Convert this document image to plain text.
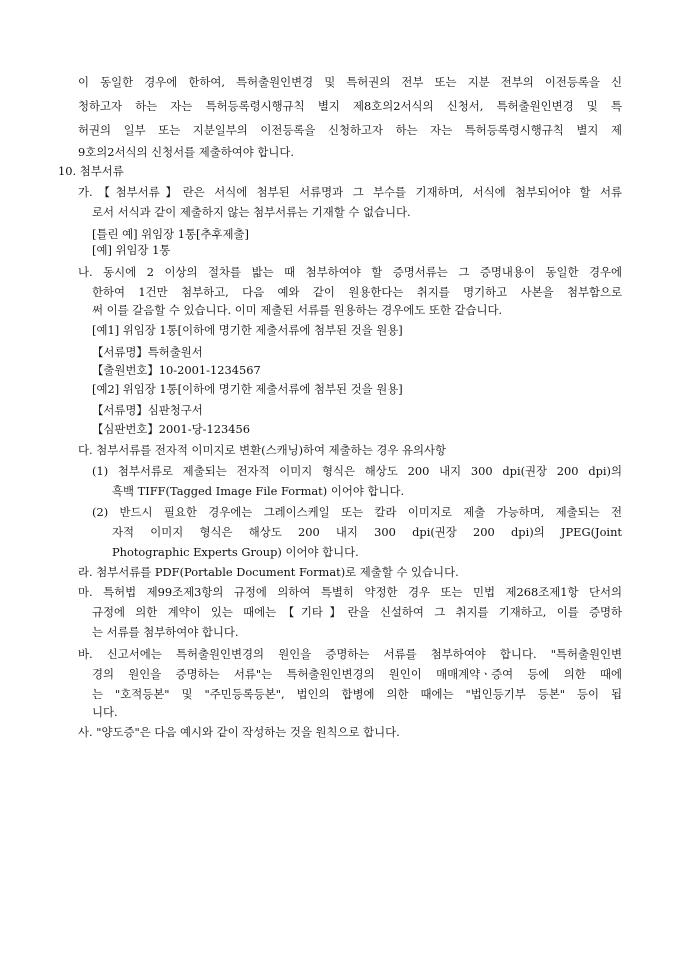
이 동일한 경우에 한하여, 특허출원인변경 및 특허권의 전부 또는 지분 전부의 이전등록을 신
청하고자 하는 자는 특허등록령시행규칙 별지 제8호의2서식의 신청서, 특허출원인변경 및 특
허권의 일부 또는 지분일부의 이전등록을 신청하고자 하는 자는 특허등록령시행규칙 별지 제
9호의2서식의 신청서를 제출하여야 합니다.
10. 첨부서류
가.【첨부서류】란은 서식에 첨부된 서류명과 그 부수를 기재하며, 서식에 첨부되어야 할 서류
로서 서식과 같이 제출하지 않는 첨부서류는 기재할 수 없습니다.
[틀린 예] 위임장 1통[추후제출]
[예] 위임장 1통
나. 동시에 2 이상의 절차를 밟는 때 첨부하여야 할 증명서류는 그 증명내용이 동일한 경우에
한하여 1건만 첨부하고, 다음 예와 같이 원용한다는 취지를 명기하고 사본을 첨부함으로
써 이를 갈음할 수 있습니다. 이미 제출된 서류를 원용하는 경우에도 또한 같습니다.
[예1] 위임장 1통[이하에 명기한 제출서류에 첨부된 것을 원용]
【서류명】특허출원서
【출원번호】10-2001-1234567
[예2] 위임장 1통[이하에 명기한 제출서류에 첨부된 것을 원용]
【서류명】심판청구서
【심판번호】2001-당-123456
다. 첨부서류를 전자적 이미지로 변환(스캐닝)하여 제출하는 경우 유의사항
(1) 첨부서류로 제출되는 전자적 이미지 형식은 해상도 200 내지 300 dpi(권장 200 dpi)의
흑백 TIFF(Tagged Image File Format) 이어야 합니다.
(2) 반드시 필요한 경우에는 그레이스케일 또는 칼라 이미지로 제출 가능하며, 제출되는 전
자적 이미지 형식은 해상도 200 내지 300 dpi(권장 200 dpi)의 JPEG(Joint
Photographic Experts Group) 이어야 합니다.
라. 첨부서류를 PDF(Portable Document Format)로 제출할 수 있습니다.
마. 특허법 제99조제3항의 규정에 의하여 특별히 약정한 경우 또는 민법 제268조제1항 단서의
규정에 의한 계약이 있는 때에는【기타】란을 신설하여 그 취지를 기재하고, 이를 증명하
는 서류를 첨부하여야 합니다.
바. 신고서에는 특허출원인변경의 원인을 증명하는 서류를 첨부하여야 합니다. "특허출원인변
경의 원인을 증명하는 서류"는 특허출원인변경의 원인이 매매계약ㆍ증여 등에 의한 때에
는 "호적등본" 및 "주민등록등본", 법인의 합병에 의한 때에는 "법인등기부 등본" 등이 됩
니다.
사. "양도증"은 다음 예시와 같이 작성하는 것을 원칙으로 합니다.
